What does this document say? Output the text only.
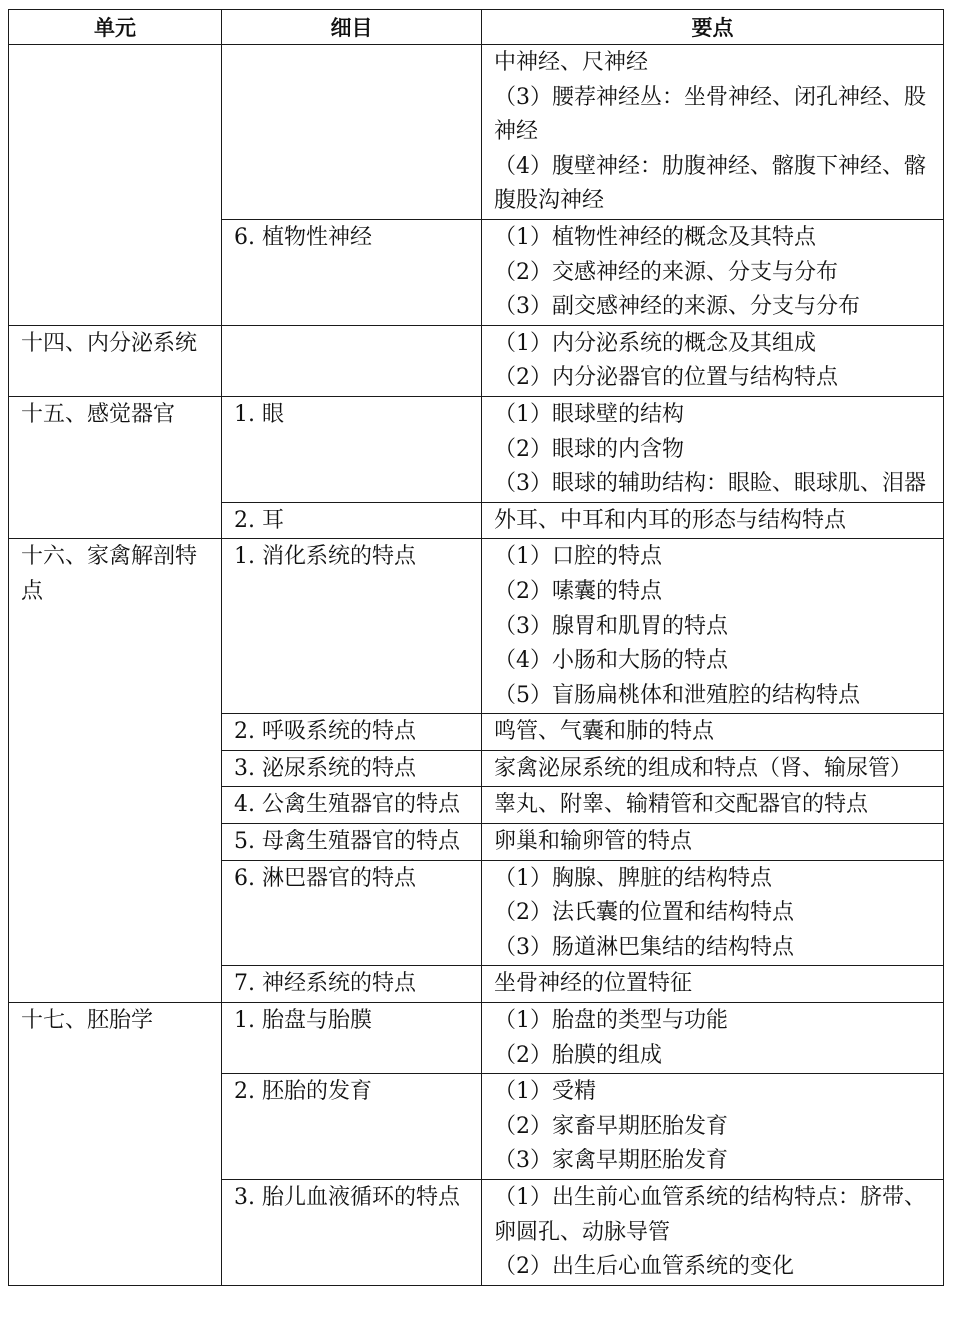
单元	细目	要点

		中神经、尺神经
（3）腰荐神经丛：坐骨神经、闭孔神经、股神经
（4）腹壁神经：肋腹神经、髂腹下神经、髂腹股沟神经

	6. 植物性神经	（1）植物性神经的概念及其特点
（2）交感神经的来源、分支与分布
（3）副交感神经的来源、分支与分布

十四、内分泌系统		（1）内分泌系统的概念及其组成
（2）内分泌器官的位置与结构特点

十五、感觉器官	1. 眼	（1）眼球壁的结构
（2）眼球的内含物
（3）眼球的辅助结构：眼睑、眼球肌、泪器

	2. 耳	外耳、中耳和内耳的形态与结构特点

十六、家禽解剖特点	1. 消化系统的特点	（1）口腔的特点
（2）嗉囊的特点
（3）腺胃和肌胃的特点
（4）小肠和大肠的特点
（5）盲肠扁桃体和泄殖腔的结构特点

	2. 呼吸系统的特点	鸣管、气囊和肺的特点

	3. 泌尿系统的特点	家禽泌尿系统的组成和特点（肾、输尿管）

	4. 公禽生殖器官的特点	睾丸、附睾、输精管和交配器官的特点

	5. 母禽生殖器官的特点	卵巢和输卵管的特点

	6. 淋巴器官的特点	（1）胸腺、脾脏的结构特点
（2）法氏囊的位置和结构特点
（3）肠道淋巴集结的结构特点

	7. 神经系统的特点	坐骨神经的位置特征

十七、胚胎学	1. 胎盘与胎膜	（1）胎盘的类型与功能
（2）胎膜的组成

	2. 胚胎的发育	（1）受精
（2）家畜早期胚胎发育
（3）家禽早期胚胎发育

	3. 胎儿血液循环的特点	（1）出生前心血管系统的结构特点：脐带、卵圆孔、动脉导管
（2）出生后心血管系统的变化
